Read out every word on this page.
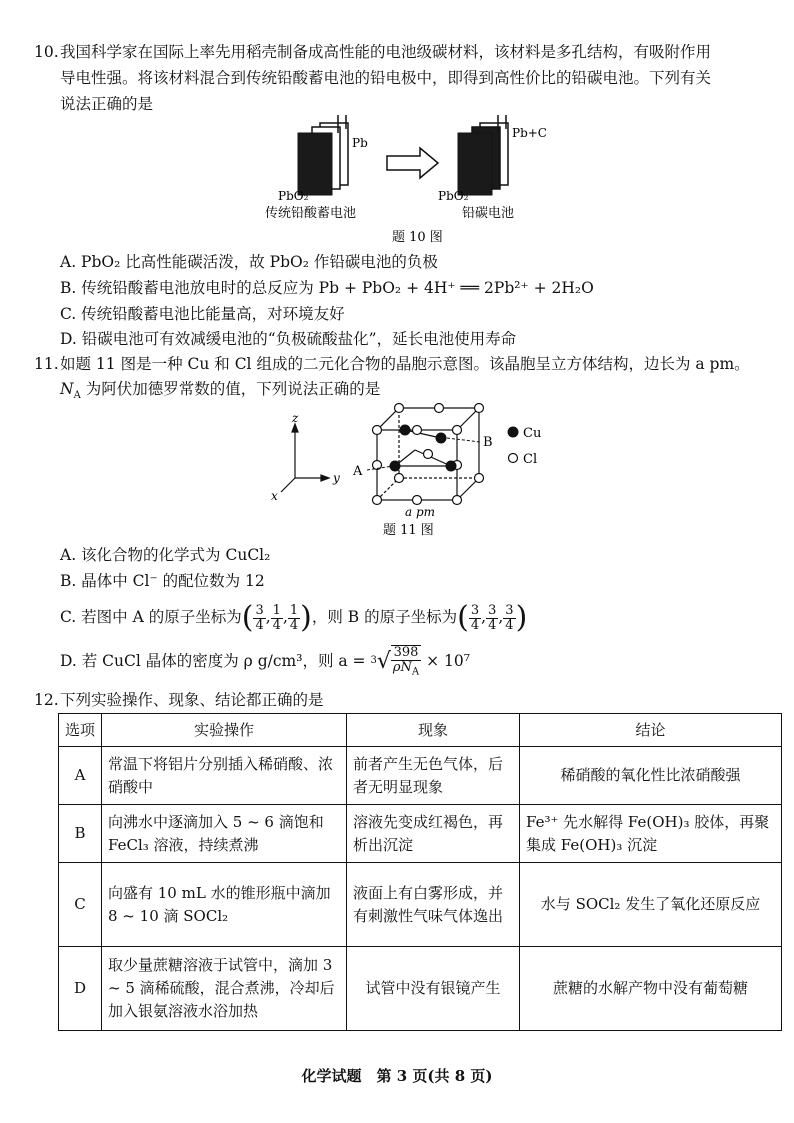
10. 我国科学家在国际上率先用稻壳制备成高性能的电池级碳材料，该材料是多孔结构，有吸附作用
导电性强。将该材料混合到传统铅酸蓄电池的铅电极中，即得到高性价比的铅碳电池。下列有关
说法正确的是
Pb
PbO₂
传统铅酸蓄电池
Pb+C
PbO₂
铅碳电池
题 10 图
A. PbO₂ 比高性能碳活泼，故 PbO₂ 作铅碳电池的负极
B. 传统铅酸蓄电池放电时的总反应为 Pb + PbO₂ + 4H⁺ ══ 2Pb²⁺ + 2H₂O
C. 传统铅酸蓄电池比能量高，对环境友好
D. 铅碳电池可有效减缓电池的“负极硫酸盐化”，延长电池使用寿命
11. 如题 11 图是一种 Cu 和 Cl 组成的二元化合物的晶胞示意图。该晶胞呈立方体结构，边长为 a pm。
$N_A$ 为阿伏加德罗常数的值，下列说法正确的是
z
y
x
A
B
Cu
Cl
a pm
题 11 图
A. 该化合物的化学式为 CuCl₂
B. 晶体中 Cl⁻ 的配位数为 12
C. 若图中 A 的原子坐标为( $\frac{3}{4}$ , $\frac{1}{4}$ , $\frac{1}{4}$ )，则 B 的原子坐标为( $\frac{3}{4}$ , $\frac{3}{4}$ , $\frac{3}{4}$ )
D. 若 CuCl 晶体的密度为 ρ g/cm³，则 $a = ^3√ \frac{398}{\rho N_A} \times 10^7$
12. 下列实验操作、现象、结论都正确的是
选项	实验操作	现象	结论
A	常温下将铝片分别插入稀硝酸、浓硝酸中	前者产生无色气体，后者无明显现象	稀硝酸的氧化性比浓硝酸强
B	向沸水中逐滴加入 5 ~ 6 滴饱和 FeCl₃ 溶液，持续煮沸	溶液先变成红褐色，再析出沉淀	Fe³⁺ 先水解得 Fe(OH)₃ 胶体，再聚集成 Fe(OH)₃ 沉淀
C	向盛有 10 mL 水的锥形瓶中滴加 8 ~ 10 滴 SOCl₂	液面上有白雾形成，并有刺激性气味气体逸出	水与 SOCl₂ 发生了氧化还原反应
D	取少量蔗糖溶液于试管中，滴加 3 ~ 5 滴稀硫酸，混合煮沸，冷却后加入银氨溶液水浴加热	试管中没有银镜产生	蔗糖的水解产物中没有葡萄糖
化学试题　第 3 页(共 8 页)
